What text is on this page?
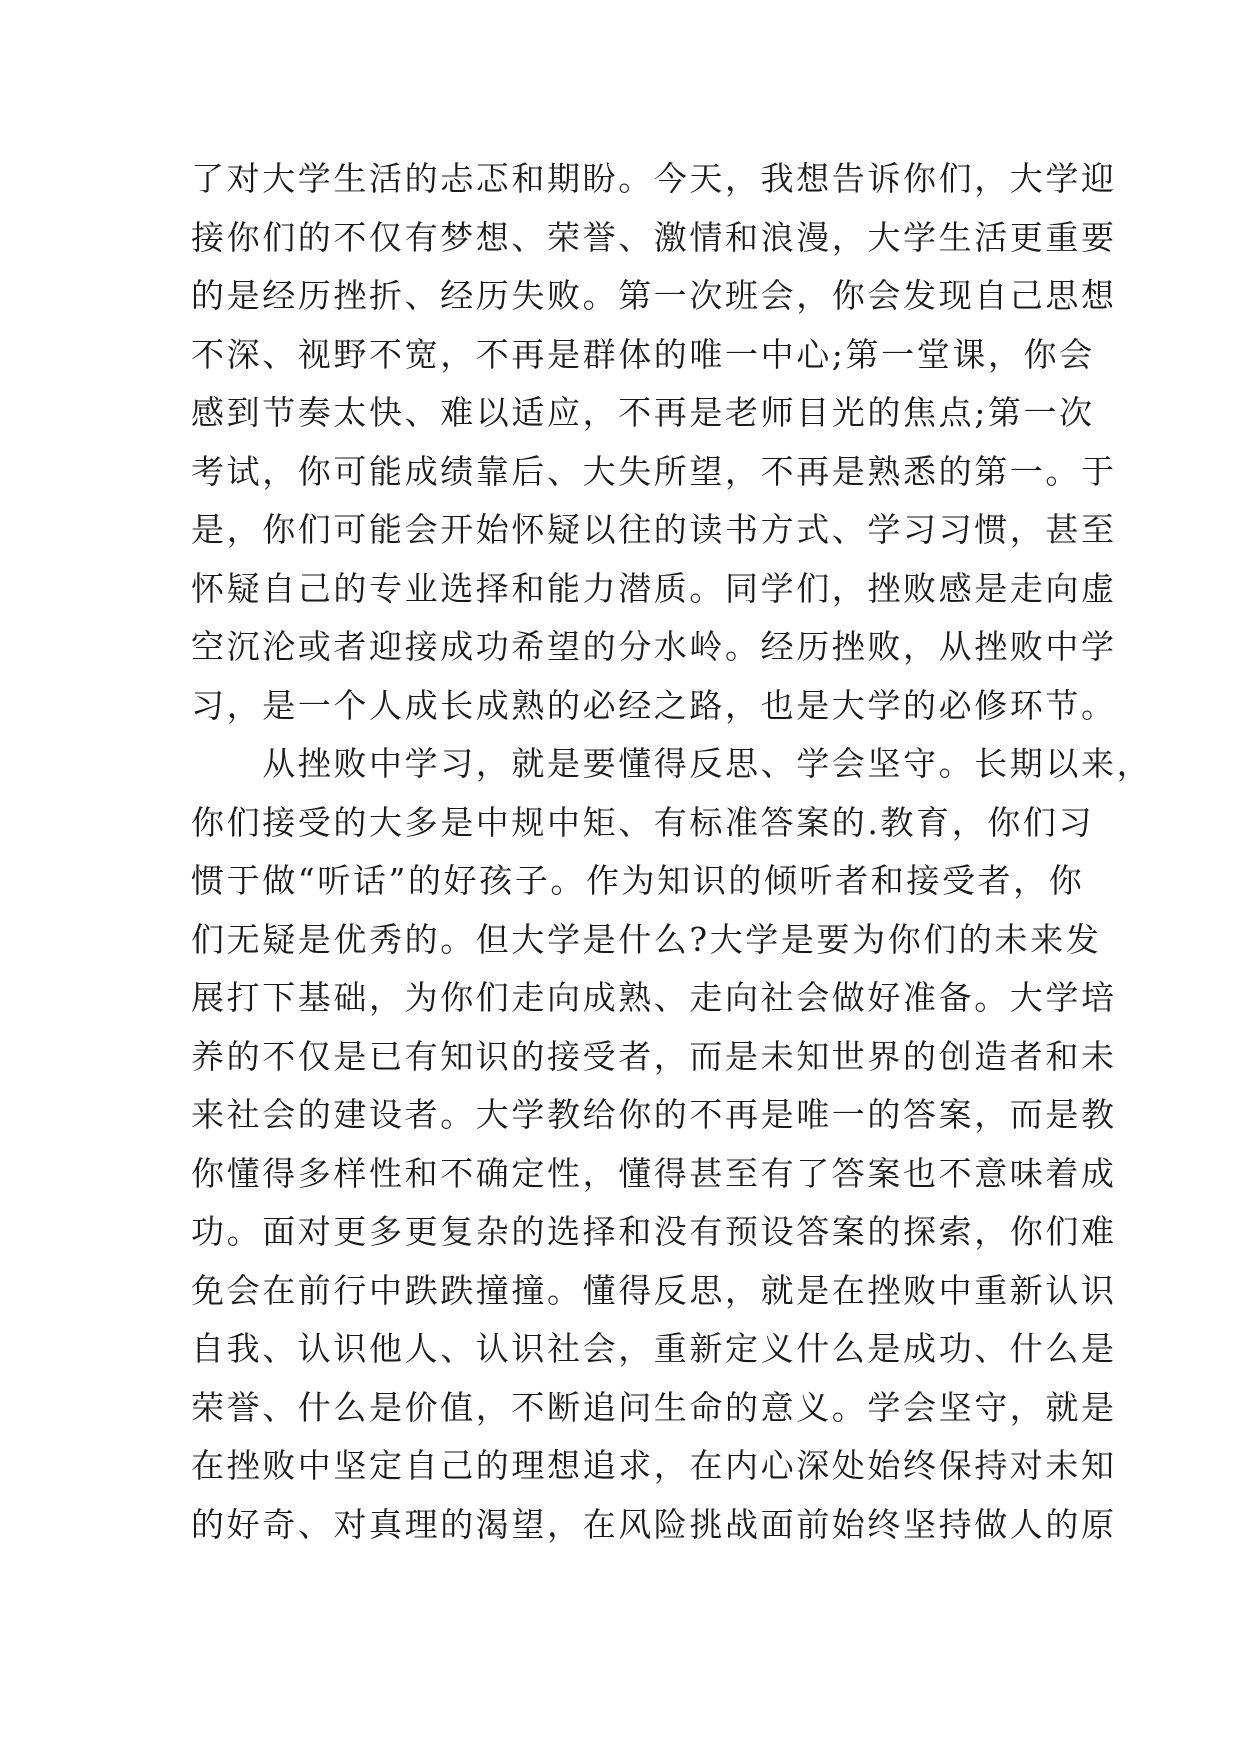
了对大学生活的忐忑和期盼。今天，我想告诉你们，大学迎
接你们的不仅有梦想、荣誉、激情和浪漫，大学生活更重要
的是经历挫折、经历失败。第一次班会，你会发现自己思想
不深、视野不宽，不再是群体的唯一中心;第一堂课，你会
感到节奏太快、难以适应，不再是老师目光的焦点;第一次
考试，你可能成绩靠后、大失所望，不再是熟悉的第一。于
是，你们可能会开始怀疑以往的读书方式、学习习惯，甚至
怀疑自己的专业选择和能力潜质。同学们，挫败感是走向虚
空沉沦或者迎接成功希望的分水岭。经历挫败，从挫败中学
习，是一个人成长成熟的必经之路，也是大学的必修环节。
　　从挫败中学习，就是要懂得反思、学会坚守。长期以来，
你们接受的大多是中规中矩、有标准答案的.教育，你们习
惯于做“听话”的好孩子。作为知识的倾听者和接受者，你
们无疑是优秀的。但大学是什么?大学是要为你们的未来发
展打下基础，为你们走向成熟、走向社会做好准备。大学培
养的不仅是已有知识的接受者，而是未知世界的创造者和未
来社会的建设者。大学教给你的不再是唯一的答案，而是教
你懂得多样性和不确定性，懂得甚至有了答案也不意味着成
功。面对更多更复杂的选择和没有预设答案的探索，你们难
免会在前行中跌跌撞撞。懂得反思，就是在挫败中重新认识
自我、认识他人、认识社会，重新定义什么是成功、什么是
荣誉、什么是价值，不断追问生命的意义。学会坚守，就是
在挫败中坚定自己的理想追求，在内心深处始终保持对未知
的好奇、对真理的渴望，在风险挑战面前始终坚持做人的原
